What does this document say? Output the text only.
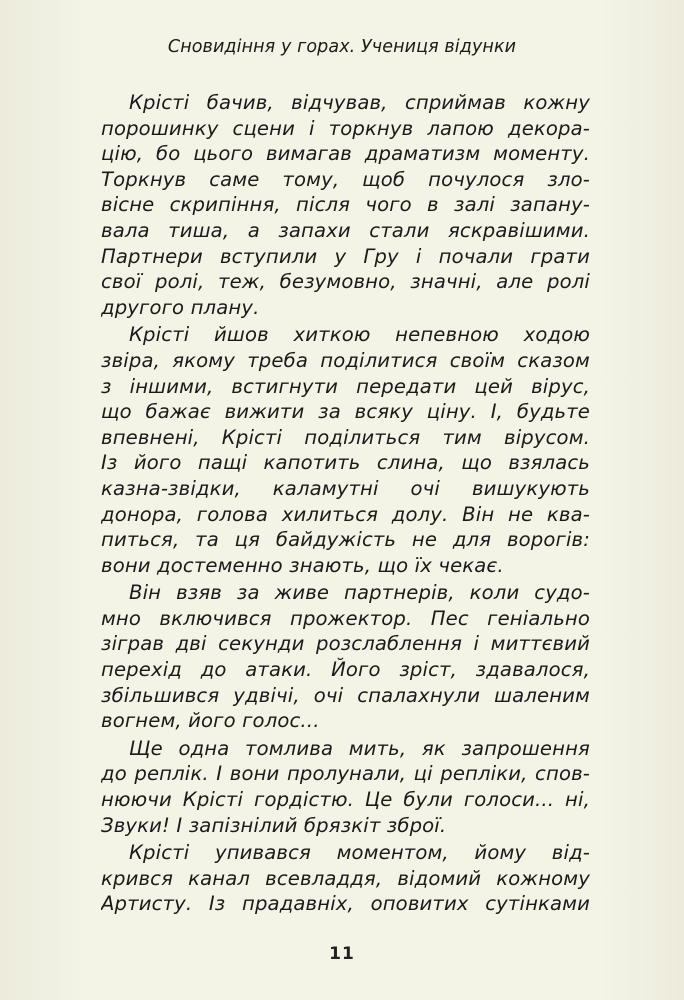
Сновидіння у горах. Учениця відунки
Крісті бачив, відчував, сприймав кожну
порошинку сцени і торкнув лапою декора-
цію, бо цього вимагав драматизм моменту.
Торкнув саме тому, щоб почулося зло-
вісне скрипіння, після чого в залі запану-
вала тиша, а запахи стали яскравішими.
Партнери вступили у Гру і почали грати
свої ролі, теж, безумовно, значні, але ролі
другого плану.
Крісті йшов хиткою непевною ходою
звіра, якому треба поділитися своїм сказом
з іншими, встигнути передати цей вірус,
що бажає вижити за всяку ціну. І, будьте
впевнені, Крісті поділиться тим вірусом.
Із його пащі капотить слина, що взялась
казна-звідки, каламутні очі вишукують
донора, голова хилиться долу. Він не ква-
питься, та ця байдужість не для ворогів:
вони достеменно знають, що їх чекає.
Він взяв за живе партнерів, коли судо-
мно включився прожектор. Пес геніально
зіграв дві секунди розслаблення і миттєвий
перехід до атаки. Його зріст, здавалося,
збільшився удвічі, очі спалахнули шаленим
вогнем, його голос...
Ще одна томлива мить, як запрошення
до реплік. І вони пролунали, ці репліки, спов-
нюючи Крісті гордістю. Це були голоси... ні,
Звуки! І запізнілий брязкіт зброї.
Крісті упивався моментом, йому від-
крився канал всевладдя, відомий кожному
Артисту. Із прадавніх, оповитих сутінками
11
